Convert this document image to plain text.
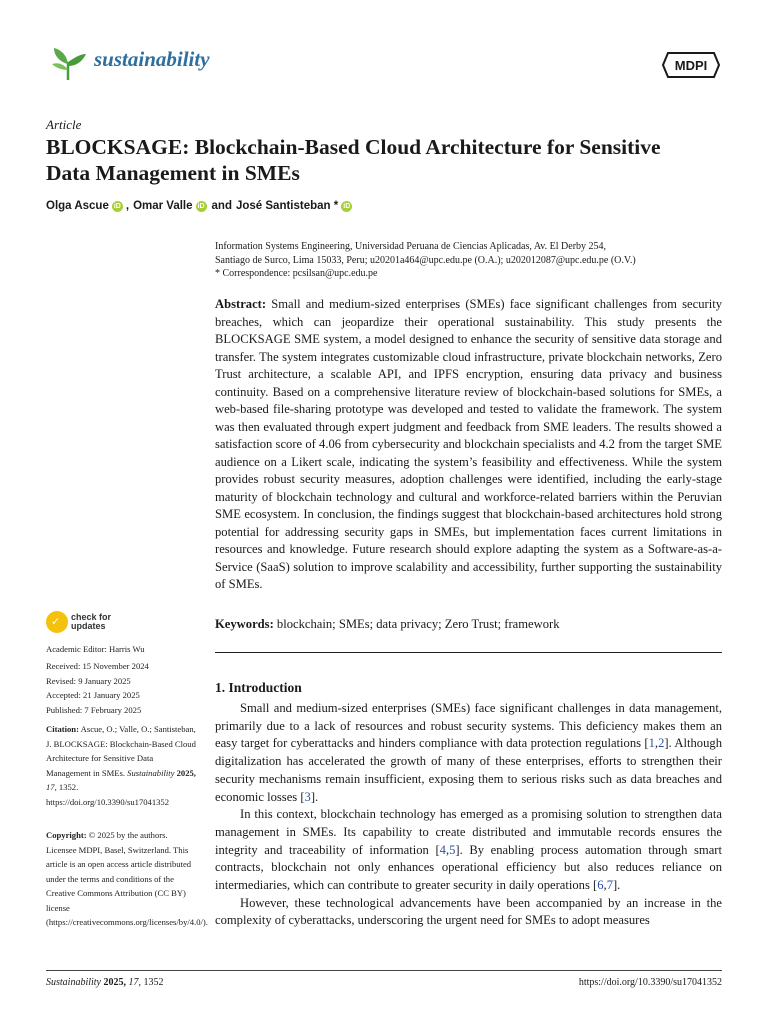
sustainability	MDPI
Article
BLOCKSAGE: Blockchain-Based Cloud Architecture for Sensitive Data Management in SMEs
Olga Ascue iD , Omar Valle iD and José Santisteban * iD

Information Systems Engineering, Universidad Peruana de Ciencias Aplicadas, Av. El Derby 254,

Santiago de Surco, Lima 15033, Peru; u20201a464@upc.edu.pe (O.A.); u202012087@upc.edu.pe (O.V.)

* Correspondence: pcsilsan@upc.edu.pe

Abstract: Small and medium-sized enterprises (SMEs) face significant challenges from security breaches, which can jeopardize their operational sustainability. This study presents the BLOCKSAGE SME system, a model designed to enhance the security of sensitive data storage and transfer. The system integrates customizable cloud infrastructure, private blockchain networks, Zero Trust architecture, a scalable API, and IPFS encryption, ensuring data privacy and business continuity. Based on a comprehensive literature review of blockchain-based solutions for SMEs, a web-based file-sharing prototype was developed and tested to validate the framework. The system was then evaluated through expert judgment and feedback from SME leaders. The results showed a satisfaction score of 4.06 from cybersecurity and blockchain specialists and 4.2 from the target SME audience on a Likert scale, indicating the system’s feasibility and effectiveness. While the system provides robust security measures, adoption challenges were identified, including the early-stage maturity of blockchain technology and cultural and workforce-related barriers within the Peruvian SME ecosystem. In conclusion, the findings suggest that blockchain-based architectures hold strong potential for addressing security gaps in SMEs, but implementation faces current limitations in resources and knowledge. Future research should explore adapting the system as a Software-as-a-Service (SaaS) solution to improve scalability and accessibility, further supporting the sustainability of SMEs.
Keywords: blockchain; SMEs; data privacy; Zero Trust; framework
✓ check for
updates
Academic Editor: Harris Wu
Received: 15 November 2024
Revised: 9 January 2025
Accepted: 21 January 2025
Published: 7 February 2025
Citation: Ascue, O.; Valle, O.; Santisteban, J. BLOCKSAGE: Blockchain-Based Cloud Architecture for Sensitive Data Management in SMEs. Sustainability 2025, 17, 1352. https://doi.org/10.3390/su17041352
Copyright: © 2025 by the authors. Licensee MDPI, Basel, Switzerland. This article is an open access article distributed under the terms and conditions of the Creative Commons Attribution (CC BY) license (https://creativecommons.org/licenses/by/4.0/).
1. Introduction

Small and medium-sized enterprises (SMEs) face significant challenges in data management, primarily due to a lack of resources and robust security systems. This deficiency makes them an easy target for cyberattacks and hinders compliance with data protection regulations [1,2]. Although digitalization has accelerated the growth of many of these enterprises, efforts to strengthen their security mechanisms remain insufficient, exposing them to serious risks such as data breaches and economic losses [3].

In this context, blockchain technology has emerged as a promising solution to strengthen data management in SMEs. Its capability to create distributed and immutable records ensures the integrity and traceability of information [4,5]. By enabling process automation through smart contracts, blockchain not only enhances operational efficiency but also reduces reliance on intermediaries, which can contribute to greater security in daily operations [6,7].

However, these technological advancements have been accompanied by an increase in the complexity of cyberattacks, underscoring the urgent need for SMEs to adopt measures

Sustainability 2025, 17, 1352	https://doi.org/10.3390/su17041352
